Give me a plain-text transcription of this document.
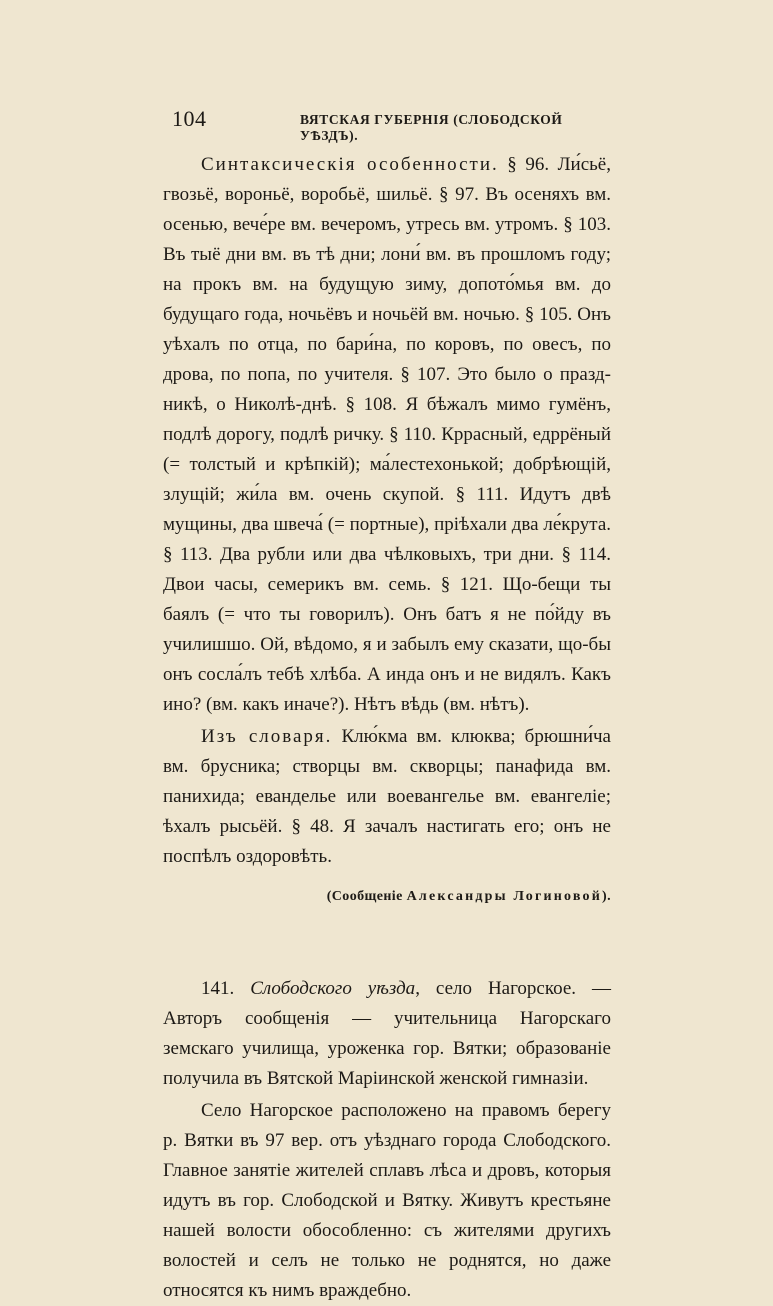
104	ВЯТСКАЯ ГУБЕРНІЯ (СЛОБОДСКОЙ УѢЗДЪ).

Синтаксическія особенности. § 96. Ли́сьё, гвозьё, вороньё, воробьё, шильё. § 97. Въ осеняхъ вм. осенью, вече́ре вм. вечеромъ, утресь вм. утромъ. § 103. Въ тыё дни вм. въ тѣ дни; лони́ вм. въ прошломъ году; на прокъ вм. на будущую зиму, допото́мья вм. до будущаго года, ночьёвъ и ночьёй вм. ночью. § 105. Онъ уѣхалъ по отца, по бари́на, по коровъ, по овесъ, по дрова, по попа, по учителя. § 107. Это было о праздникѣ, о Николѣ-днѣ. § 108. Я бѣжалъ мимо гумёнъ, подлѣ дорогу, подлѣ ричку. § 110. Кррасный, едррёный (= толстый и крѣпкій); ма́лестехонькой; добрѣющій, злущій; жи́ла вм. очень скупой. § 111. Идутъ двѣ мущины, два швеча́ (= портные), пріѣхали два ле́крута. § 113. Два рубли или два чѣлковыхъ, три дни. § 114. Двои часы, семерикъ вм. семь. § 121. Що-бещи ты баялъ (= что ты говорилъ). Онъ батъ я не по́йду въ училишшо. Ой, вѣдомо, я и забылъ ему сказати, що-бы онъ сосла́лъ тебѣ хлѣба. А инда онъ и не видялъ. Какъ ино? (вм. какъ иначе?). Нѣтъ вѣдь (вм. нѣтъ).

Изъ словаря. Клю́кма вм. клюква; брюшни́ча вм. брусника; створцы вм. скворцы; панафида вм. панихида; еванделье или воевангелье вм. евангеліе; ѣхалъ рысьёй. § 48. Я зачалъ настигать его; онъ не поспѣлъ оздоровѣть.

(Сообщеніе Александры Логиновой).

141. Слободского уѣзда, село Нагорское. — Авторъ сообщенія — учительница Нагорскаго земскаго училища, уроженка гор. Вятки; образованіе получила въ Вятской Маріинской женской гимназіи.

Село Нагорское расположено на правомъ берегу р. Вятки въ 97 вер. отъ уѣзднаго города Слободского. Главное занятіе жителей сплавъ лѣса и дровъ, которыя идутъ въ гор. Слободской и Вятку. Живутъ крестьяне нашей волости обособленно: съ жителями другихъ волостей и селъ не только не роднятся, но даже относятся къ нимъ враждебно.
